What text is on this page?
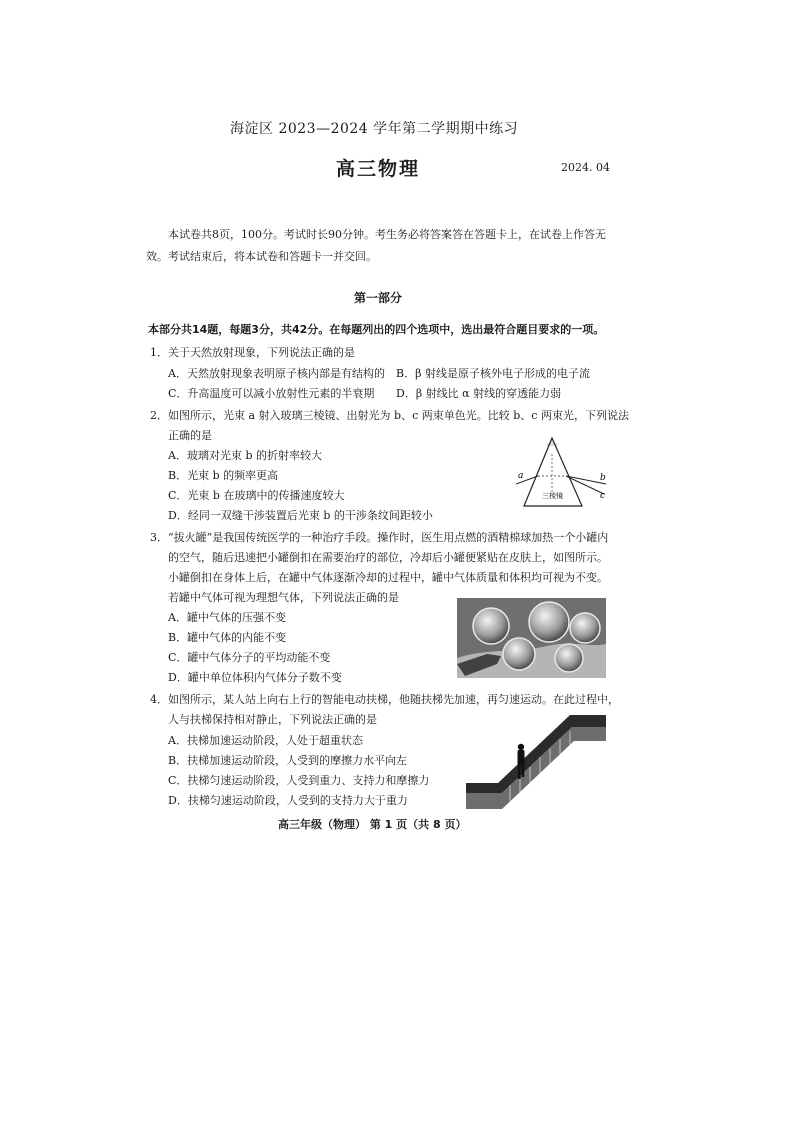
海淀区 2023—2024 学年第二学期期中练习
高三物理	2024. 04
本试卷共8页，100分。考试时长90分钟。考生务必将答案答在答题卡上，在试卷上作答无效。考试结束后，将本试卷和答题卡一并交回。
第一部分
本部分共14题，每题3分，共42分。在每题列出的四个选项中，选出最符合题目要求的一项。
1．关于天然放射现象，下列说法正确的是
A．天然放射现象表明原子核内部是有结构的 B．β 射线是原子核外电子形成的电子流
C．升高温度可以减小放射性元素的半衰期 D．β 射线比 α 射线的穿透能力弱
2．如图所示，光束 a 射入玻璃三棱镜、出射光为 b、c 两束单色光。比较 b、c 两束光，下列说法
正确的是
A．玻璃对光束 b 的折射率较大
B．光束 b 的频率更高
C．光束 b 在玻璃中的传播速度较大
D．经同一双缝干涉装置后光束 b 的干涉条纹间距较小
a	b
c
三棱镜
3．“拔火罐”是我国传统医学的一种治疗手段。操作时，医生用点燃的酒精棉球加热一个小罐内
的空气，随后迅速把小罐倒扣在需要治疗的部位，冷却后小罐便紧贴在皮肤上，如图所示。
小罐倒扣在身体上后，在罐中气体逐渐冷却的过程中，罐中气体质量和体积均可视为不变。
若罐中气体可视为理想气体，下列说法正确的是
A．罐中气体的压强不变
B．罐中气体的内能不变
C．罐中气体分子的平均动能不变
D．罐中单位体积内气体分子数不变
4．如图所示，某人站上向右上行的智能电动扶梯，他随扶梯先加速，再匀速运动。在此过程中，
人与扶梯保持相对静止，下列说法正确的是
A．扶梯加速运动阶段，人处于超重状态
B．扶梯加速运动阶段，人受到的摩擦力水平向左
C．扶梯匀速运动阶段，人受到重力、支持力和摩擦力
D．扶梯匀速运动阶段，人受到的支持力大于重力
高三年级（物理） 第 1 页（共 8 页）
